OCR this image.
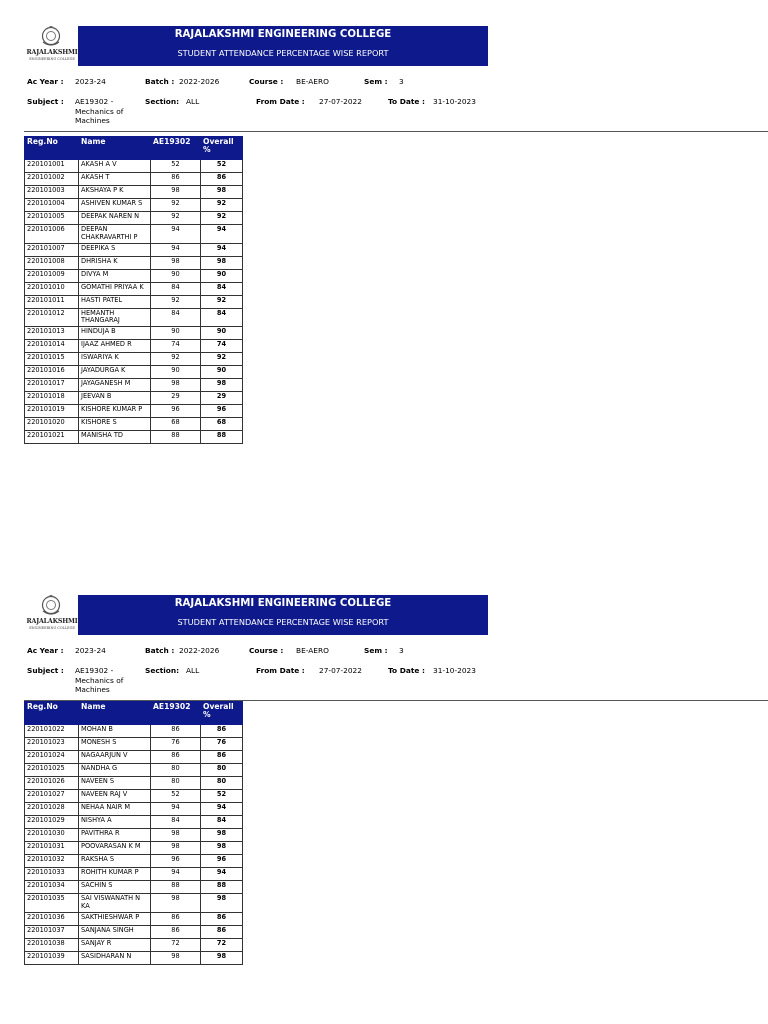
RAJALAKSHMI
ENGINEERING COLLEGE
RAJALAKSHMI ENGINEERING COLLEGE
STUDENT ATTENDANCE PERCENTAGE WISE REPORT
Ac Year : 2023-24	Batch : 2022-2026	Course : BE-AERO	Sem : 3
Subject : AE19302 - Mechanics of Machines
Section: ALL	From Date : 27-07-2022	To Date : 31-10-2023
Reg.No	Name	AE19302	Overall %
220101001	AKASH A V	52	52
220101002	AKASH T	86	86
220101003	AKSHAYA P K	98	98
220101004	ASHIVEN KUMAR S	92	92
220101005	DEEPAK NAREN N	92	92
220101006	DEEPAN CHAKRAVARTHI P	94	94
220101007	DEEPIKA S	94	94
220101008	DHRISHA K	98	98
220101009	DIVYA M	90	90
220101010	GOMATHI PRIYAA K	84	84
220101011	HASTI PATEL	92	92
220101012	HEMANTH THANGARAJ	84	84
220101013	HINDUJA B	90	90
220101014	IJAAZ AHMED R	74	74
220101015	ISWARIYA K	92	92
220101016	JAYADURGA K	90	90
220101017	JAYAGANESH M	98	98
220101018	JEEVAN B	29	29
220101019	KISHORE KUMAR P	96	96
220101020	KISHORE S	68	68
220101021	MANISHA TD	88	88
RAJALAKSHMI
ENGINEERING COLLEGE
RAJALAKSHMI ENGINEERING COLLEGE
STUDENT ATTENDANCE PERCENTAGE WISE REPORT
Ac Year : 2023-24	Batch : 2022-2026	Course : BE-AERO	Sem : 3
Subject : AE19302 - Mechanics of Machines
Section: ALL	From Date : 27-07-2022	To Date : 31-10-2023
Reg.No	Name	AE19302	Overall %
220101022	MOHAN B	86	86
220101023	MONESH S	76	76
220101024	NAGAARJUN V	86	86
220101025	NANDHA G	80	80
220101026	NAVEEN S	80	80
220101027	NAVEEN RAJ V	52	52
220101028	NEHAA NAIR M	94	94
220101029	NISHYA A	84	84
220101030	PAVITHRA R	98	98
220101031	POOVARASAN K M	98	98
220101032	RAKSHA S	96	96
220101033	ROHITH KUMAR P	94	94
220101034	SACHIN S	88	88
220101035	SAI VISWANATH N KA	98	98
220101036	SAKTHIESHWAR P	86	86
220101037	SANJANA SINGH	86	86
220101038	SANJAY R	72	72
220101039	SASIDHARAN N	98	98
